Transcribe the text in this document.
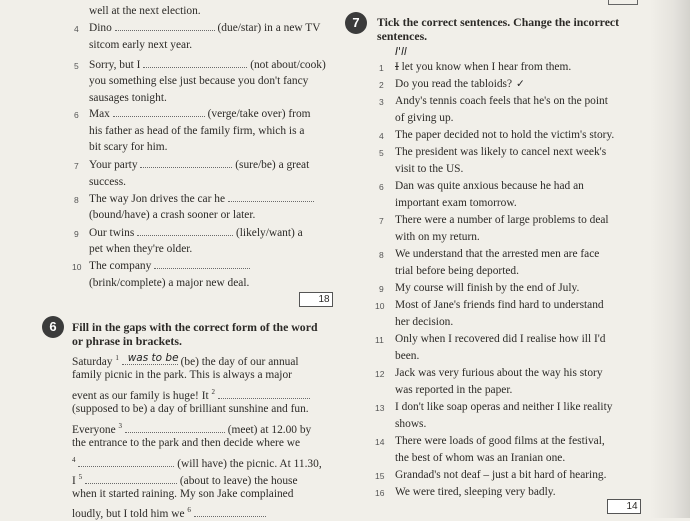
well at the next election.
4 Dino	(due/star) in a new TV
sitcom early next year.
5 Sorry, but I	(not about/cook)
you something else just because you don't fancy
sausages tonight.
6 Max	(verge/take over) from
his father as head of the family firm, which is a
bit scary for him.
7 Your party	(sure/be) a great
success.
8 The way Jon drives the car he
(bound/have) a crash sooner or later.
9 Our twins	(likely/want) a
pet when they're older.
10 The company
(brink/complete) a major new deal.
18
6	Fill in the gaps with the correct form of the word
or phrase in brackets.
Saturday $^1$ was to be (be) the day of our annual
family picnic in the park. This is always a major
event as our family is huge! It $^2$
(supposed to be) a day of brilliant sunshine and fun.
Everyone $^3$	(meet) at 12.00 by
the entrance to the park and then decide where we
$^4$	(will have) the picnic. At 11.30,
I $^5$	(about to leave) the house
when it started raining. My son Jake complained
loudly, but I told him we $^6$
7	Tick the correct sentences. Change the incorrect
sentences.
I'll
1 I let you know when I hear from them.
2 Do you read the tabloids? ✓
3 Andy's tennis coach feels that he's on the point
of giving up.
4 The paper decided not to hold the victim's story.
5 The president was likely to cancel next week's
visit to the US.
6 Dan was quite anxious because he had an
important exam tomorrow.
7 There were a number of large problems to deal
with on my return.
8 We understand that the arrested men are face
trial before being deported.
9 My course will finish by the end of July.
10 Most of Jane's friends find hard to understand
her decision.
11 Only when I recovered did I realise how ill I'd
been.
12 Jack was very furious about the way his story
was reported in the paper.
13 I don't like soap operas and neither I like reality
shows.
14 There were loads of good films at the festival,
the best of whom was an Iranian one.
15 Grandad's not deaf – just a bit hard of hearing.
16 We were tired, sleeping very badly.
14
